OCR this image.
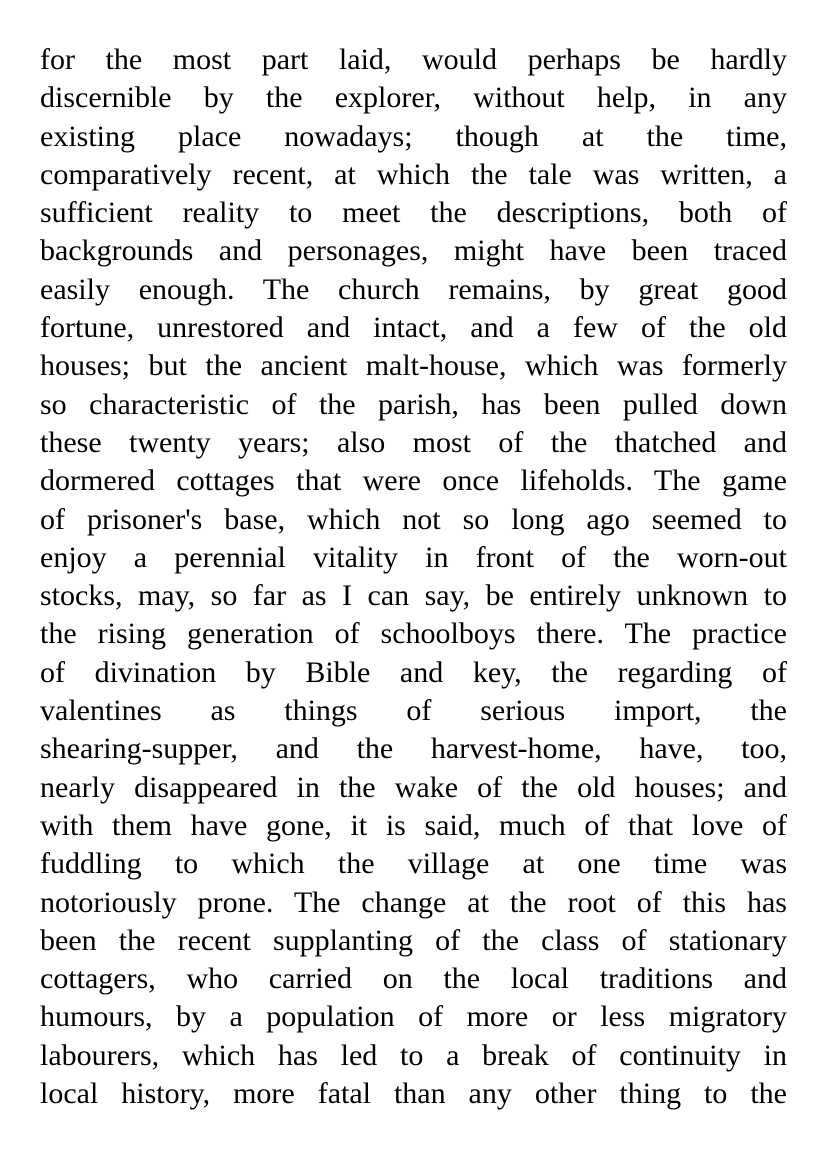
for the most part laid, would perhaps be hardly
discernible by the explorer, without help, in any
existing place nowadays; though at the time,
comparatively recent, at which the tale was written, a
sufficient reality to meet the descriptions, both of
backgrounds and personages, might have been traced
easily enough. The church remains, by great good
fortune, unrestored and intact, and a few of the old
houses; but the ancient malt-house, which was formerly
so characteristic of the parish, has been pulled down
these twenty years; also most of the thatched and
dormered cottages that were once lifeholds. The game
of prisoner's base, which not so long ago seemed to
enjoy a perennial vitality in front of the worn-out
stocks, may, so far as I can say, be entirely unknown to
the rising generation of schoolboys there. The practice
of divination by Bible and key, the regarding of
valentines as things of serious import, the
shearing-supper, and the harvest-home, have, too,
nearly disappeared in the wake of the old houses; and
with them have gone, it is said, much of that love of
fuddling to which the village at one time was
notoriously prone. The change at the root of this has
been the recent supplanting of the class of stationary
cottagers, who carried on the local traditions and
humours, by a population of more or less migratory
labourers, which has led to a break of continuity in
local history, more fatal than any other thing to the
